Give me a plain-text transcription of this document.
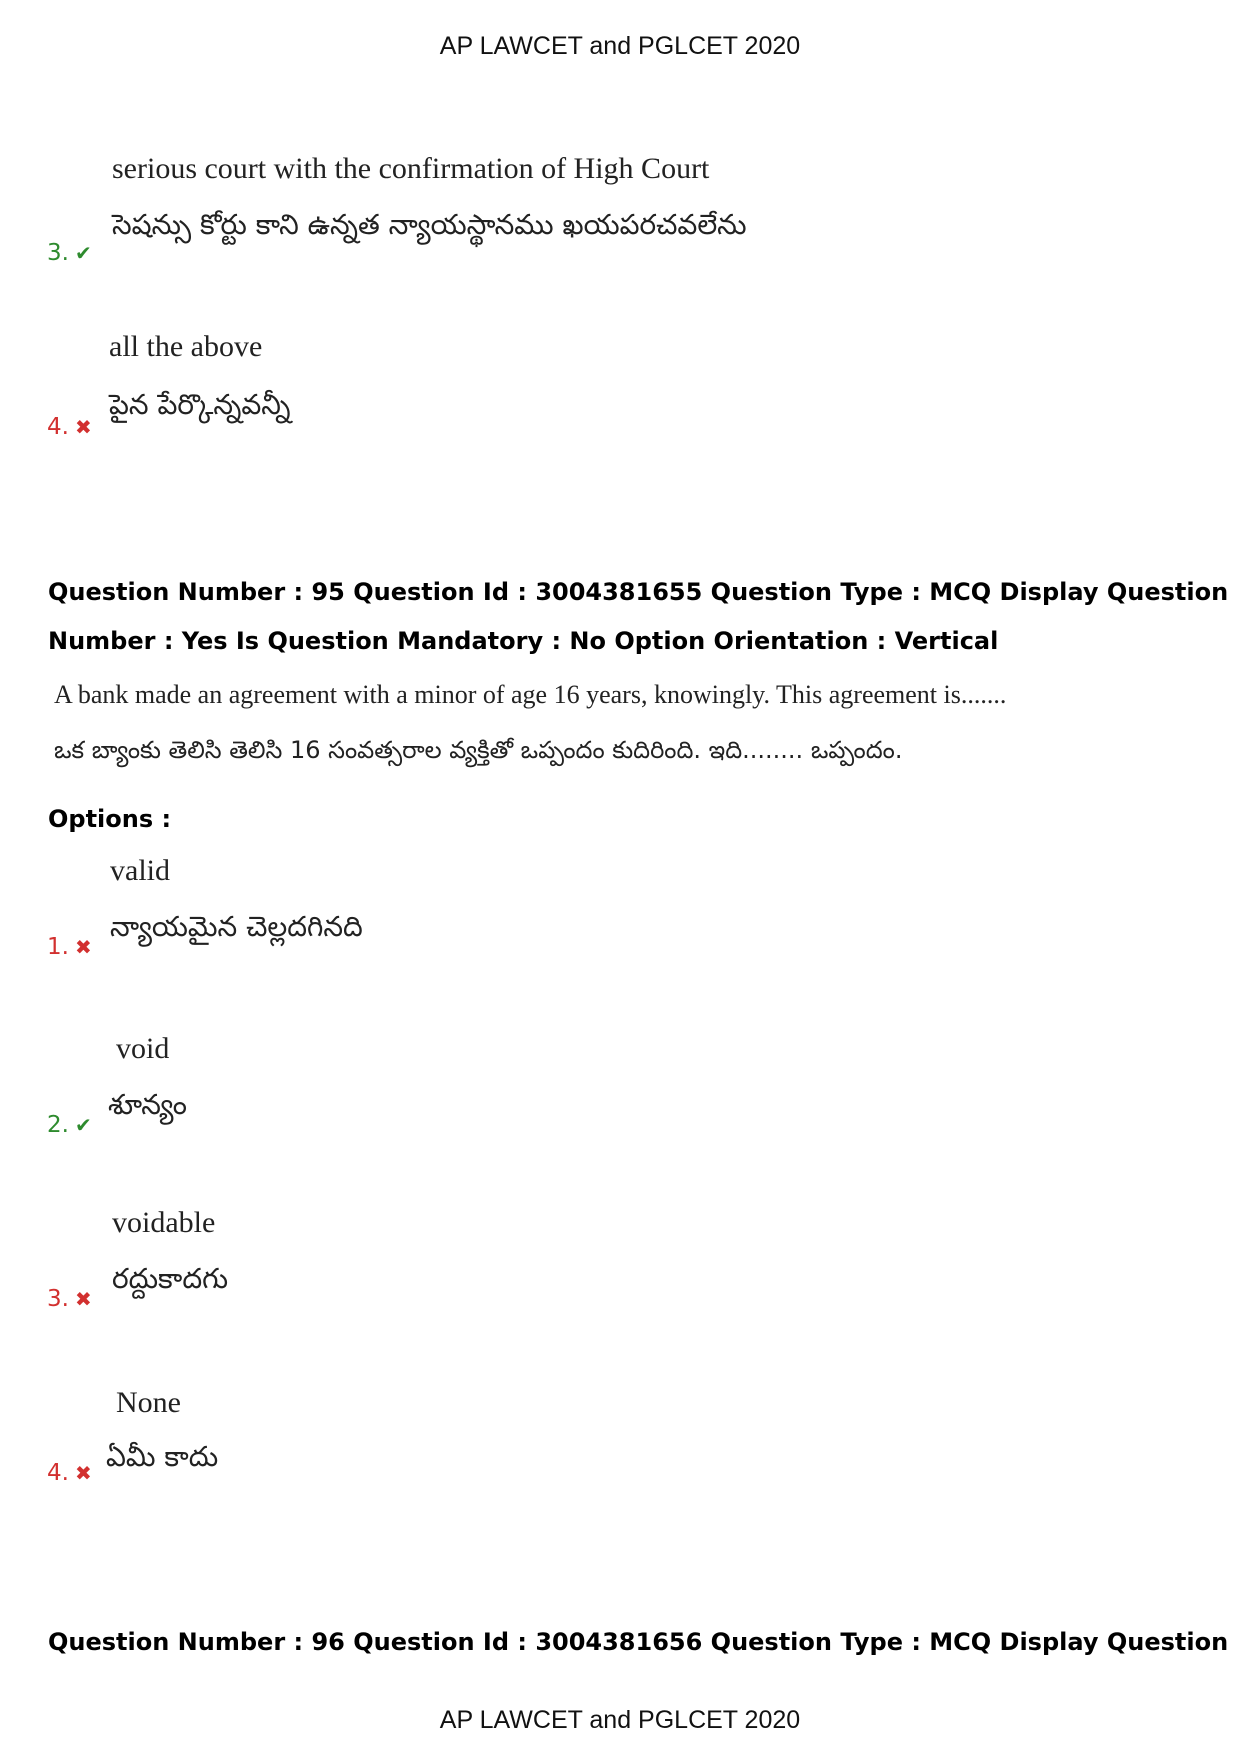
AP LAWCET and PGLCET 2020
serious court with the confirmation of High Court
సెషన్సు కోర్టు కాని ఉన్నత న్యాయస్థానము ఖయపరచవలేను
3. ✔
all the above
పైన పేర్కొన్నవన్నీ
4. ✖
Question Number : 95 Question Id : 3004381655 Question Type : MCQ Display Question
Number : Yes Is Question Mandatory : No Option Orientation : Vertical
A bank made an agreement with a minor of age 16 years, knowingly. This agreement is.......
ఒక బ్యాంకు తెలిసి తెలిసి 16 సంవత్సరాల వ్యక్తితో ఒప్పందం కుదిరింది. ఇది........ ఒప్పందం.
Options :
valid
న్యాయమైన చెల్లదగినది
1. ✖
void
శూన్యం
2. ✔
voidable
రద్దుకాదగు
3. ✖
None
ఏమీ కాదు
4. ✖
Question Number : 96 Question Id : 3004381656 Question Type : MCQ Display Question
AP LAWCET and PGLCET 2020
